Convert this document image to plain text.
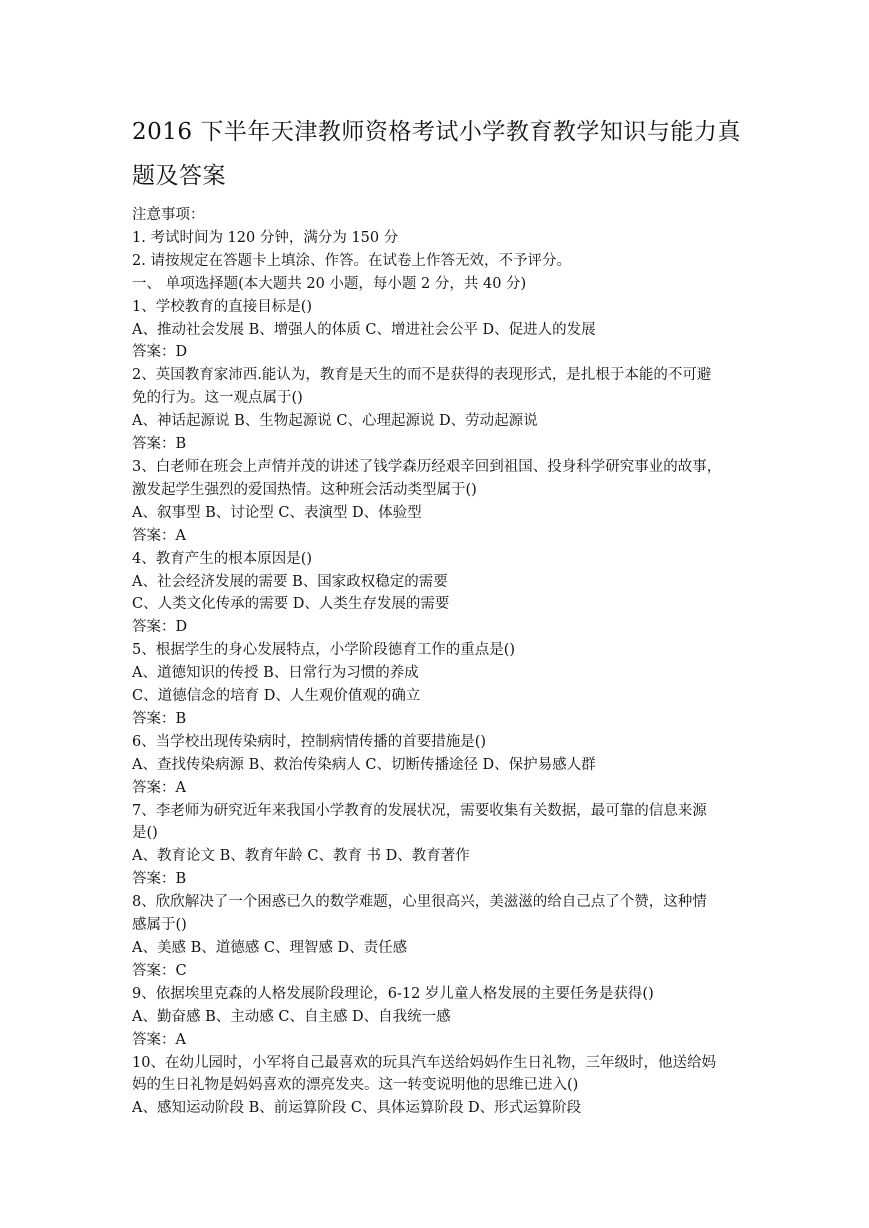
2016 下半年天津教师资格考试小学教育教学知识与能力真
题及答案

注意事项：

1. 考试时间为 120 分钟，满分为 150 分

2. 请按规定在答题卡上填涂、作答。在试卷上作答无效，不予评分。

一、 单项选择题(本大题共 20 小题，每小题 2 分，共 40 分)

1、学校教育的直接目标是()

A、推动社会发展 B、增强人的体质 C、增进社会公平 D、促进人的发展

答案：D

2、英国教育家沛西.能认为，教育是天生的而不是获得的表现形式，是扎根于本能的不可避

免的行为。这一观点属于()

A、神话起源说 B、生物起源说 C、心理起源说 D、劳动起源说

答案：B

3、白老师在班会上声情并茂的讲述了钱学森历经艰辛回到祖国、投身科学研究事业的故事，

激发起学生强烈的爱国热情。这种班会活动类型属于()

A、叙事型 B、讨论型 C、表演型 D、体验型

答案：A

4、教育产生的根本原因是()

A、社会经济发展的需要 B、国家政权稳定的需要

C、人类文化传承的需要 D、人类生存发展的需要

答案：D

5、根据学生的身心发展特点，小学阶段德育工作的重点是()

A、道德知识的传授 B、日常行为习惯的养成

C、道德信念的培育 D、人生观价值观的确立

答案：B

6、当学校出现传染病时，控制病情传播的首要措施是()

A、查找传染病源 B、救治传染病人 C、切断传播途径 D、保护易感人群

答案：A

7、李老师为研究近年来我国小学教育的发展状况，需要收集有关数据，最可靠的信息来源

是()

A、教育论文 B、教育年龄 C、教育 书 D、教育著作

答案：B

8、欣欣解决了一个困惑已久的数学难题，心里很高兴，美滋滋的给自己点了个赞，这种情

感属于()

A、美感 B、道德感 C、理智感 D、责任感

答案：C

9、依据埃里克森的人格发展阶段理论，6-12 岁儿童人格发展的主要任务是获得()

A、勤奋感 B、主动感 C、自主感 D、自我统一感

答案：A

10、在幼儿园时，小军将自己最喜欢的玩具汽车送给妈妈作生日礼物，三年级时，他送给妈

妈的生日礼物是妈妈喜欢的漂亮发夹。这一转变说明他的思维已进入()

A、感知运动阶段 B、前运算阶段 C、具体运算阶段 D、形式运算阶段
